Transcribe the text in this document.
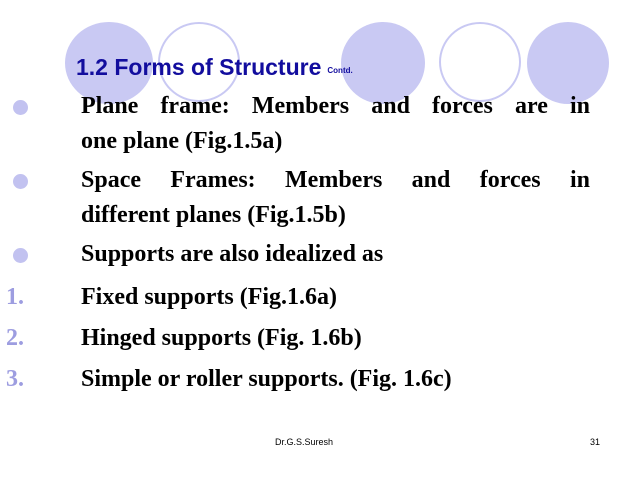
1.2 Forms of Structure $^{Contd.}$
Plane frame: Members and forces are in
one plane (Fig.1.5a)
Space Frames: Members and forces in
different planes (Fig.1.5b)
Supports are also idealized as
1. Fixed supports (Fig.1.6a)
2. Hinged supports (Fig. 1.6b)
3. Simple or roller supports. (Fig. 1.6c)
Dr.G.S.Suresh	31
